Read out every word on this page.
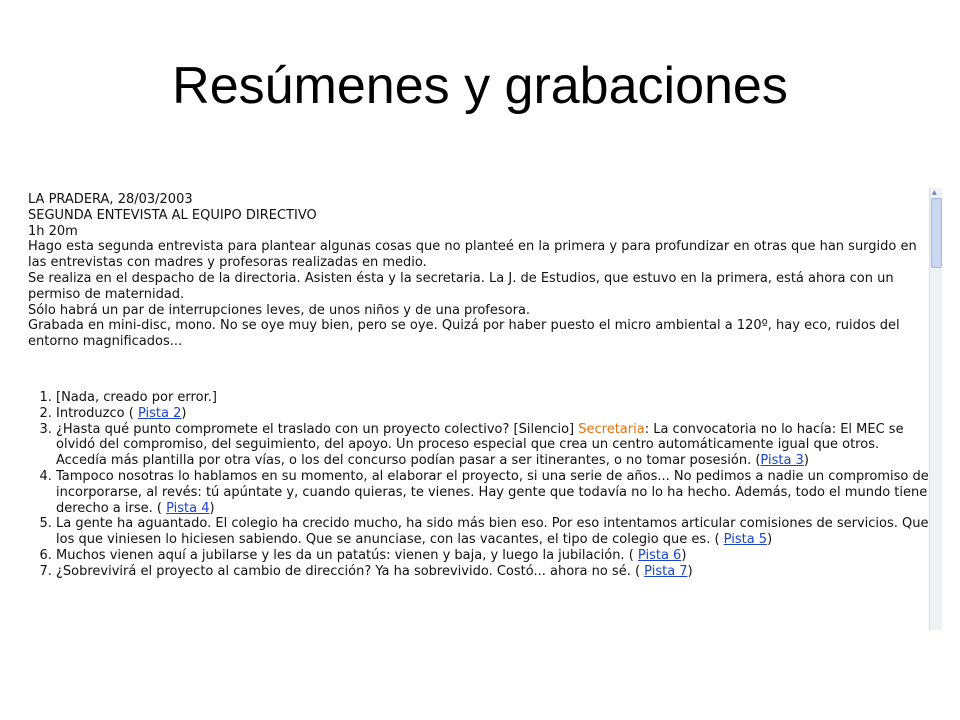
Resúmenes y grabaciones

LA PRADERA, 28/03/2003

SEGUNDA ENTEVISTA AL EQUIPO DIRECTIVO

1h 20m

Hago esta segunda entrevista para plantear algunas cosas que no planteé en la primera y para profundizar en otras que han surgido en las entrevistas con madres y profesoras realizadas en medio.

Se realiza en el despacho de la directoria. Asisten ésta y la secretaria. La J. de Estudios, que estuvo en la primera, está ahora con un permiso de maternidad.

Sólo habrá un par de interrupciones leves, de unos niños y de una profesora.

Grabada en mini-disc, mono. No se oye muy bien, pero se oye. Quizá por haber puesto el micro ambiental a 120º, hay eco, ruidos del entorno magnificados...

1. [Nada, creado por error.]
2. Introduzco ( Pista 2)
3. ¿Hasta qué punto compromete el traslado con un proyecto colectivo? [Silencio] Secretaria: La convocatoria no lo hacía: El MEC se olvidó del compromiso, del seguimiento, del apoyo. Un proceso especial que crea un centro automáticamente igual que otros. Accedía más plantilla por otra vías, o los del concurso podían pasar a ser itinerantes, o no tomar posesión. (Pista 3)
4. Tampoco nosotras lo hablamos en su momento, al elaborar el proyecto, si una serie de años... No pedimos a nadie un compromiso de incorporarse, al revés: tú apúntate y, cuando quieras, te vienes. Hay gente que todavía no lo ha hecho. Además, todo el mundo tiene derecho a irse. ( Pista 4)
5. La gente ha aguantado. El colegio ha crecido mucho, ha sido más bien eso. Por eso intentamos articular comisiones de servicios. Que los que viniesen lo hiciesen sabiendo. Que se anunciase, con las vacantes, el tipo de colegio que es. ( Pista 5)
6. Muchos vienen aquí a jubilarse y les da un patatús: vienen y baja, y luego la jubilación. ( Pista 6)
7. ¿Sobrevivirá el proyecto al cambio de dirección? Ya ha sobrevivido. Costó... ahora no sé. ( Pista 7)
▲
